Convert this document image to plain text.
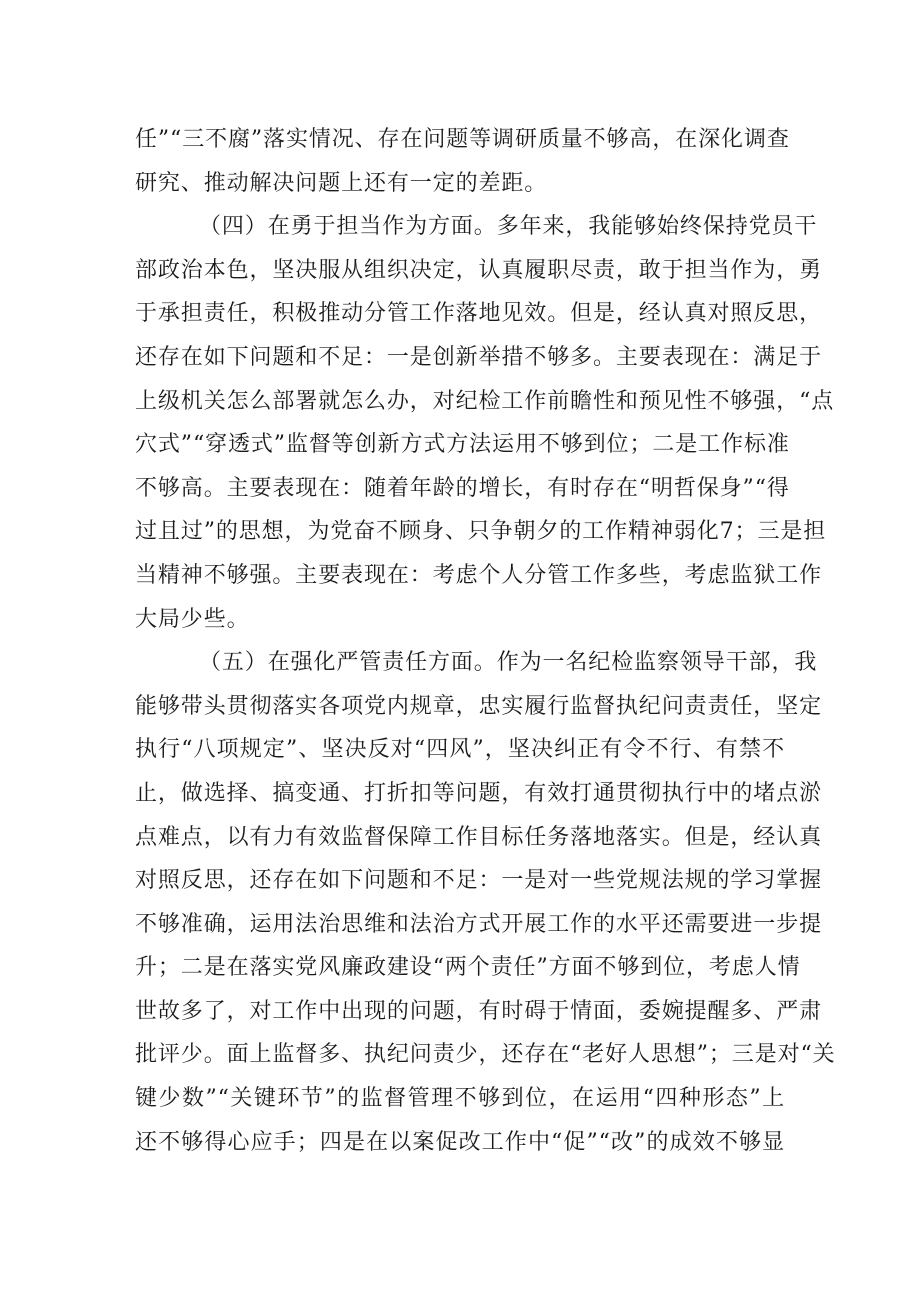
任”“三不腐”落实情况、存在问题等调研质量不够高，在深化调查
研究、推动解决问题上还有一定的差距。
（四）在勇于担当作为方面。多年来，我能够始终保持党员干
部政治本色，坚决服从组织决定，认真履职尽责，敢于担当作为，勇
于承担责任，积极推动分管工作落地见效。但是，经认真对照反思，
还存在如下问题和不足：一是创新举措不够多。主要表现在：满足于
上级机关怎么部署就怎么办，对纪检工作前瞻性和预见性不够强，“点
穴式”“穿透式”监督等创新方式方法运用不够到位；二是工作标准
不够高。主要表现在：随着年龄的增长，有时存在“明哲保身”“得
过且过”的思想，为党奋不顾身、只争朝夕的工作精神弱化7；三是担
当精神不够强。主要表现在：考虑个人分管工作多些，考虑监狱工作
大局少些。
（五）在强化严管责任方面。作为一名纪检监察领导干部，我
能够带头贯彻落实各项党内规章，忠实履行监督执纪问责责任，坚定
执行“八项规定”、坚决反对“四风”，坚决纠正有令不行、有禁不
止，做选择、搞变通、打折扣等问题，有效打通贯彻执行中的堵点淤
点难点，以有力有效监督保障工作目标任务落地落实。但是，经认真
对照反思，还存在如下问题和不足：一是对一些党规法规的学习掌握
不够准确，运用法治思维和法治方式开展工作的水平还需要进一步提
升；二是在落实党风廉政建设“两个责任”方面不够到位，考虑人情
世故多了，对工作中出现的问题，有时碍于情面，委婉提醒多、严肃
批评少。面上监督多、执纪问责少，还存在“老好人思想”；三是对“关
键少数”“关键环节”的监督管理不够到位，在运用“四种形态”上
还不够得心应手；四是在以案促改工作中“促”“改”的成效不够显
